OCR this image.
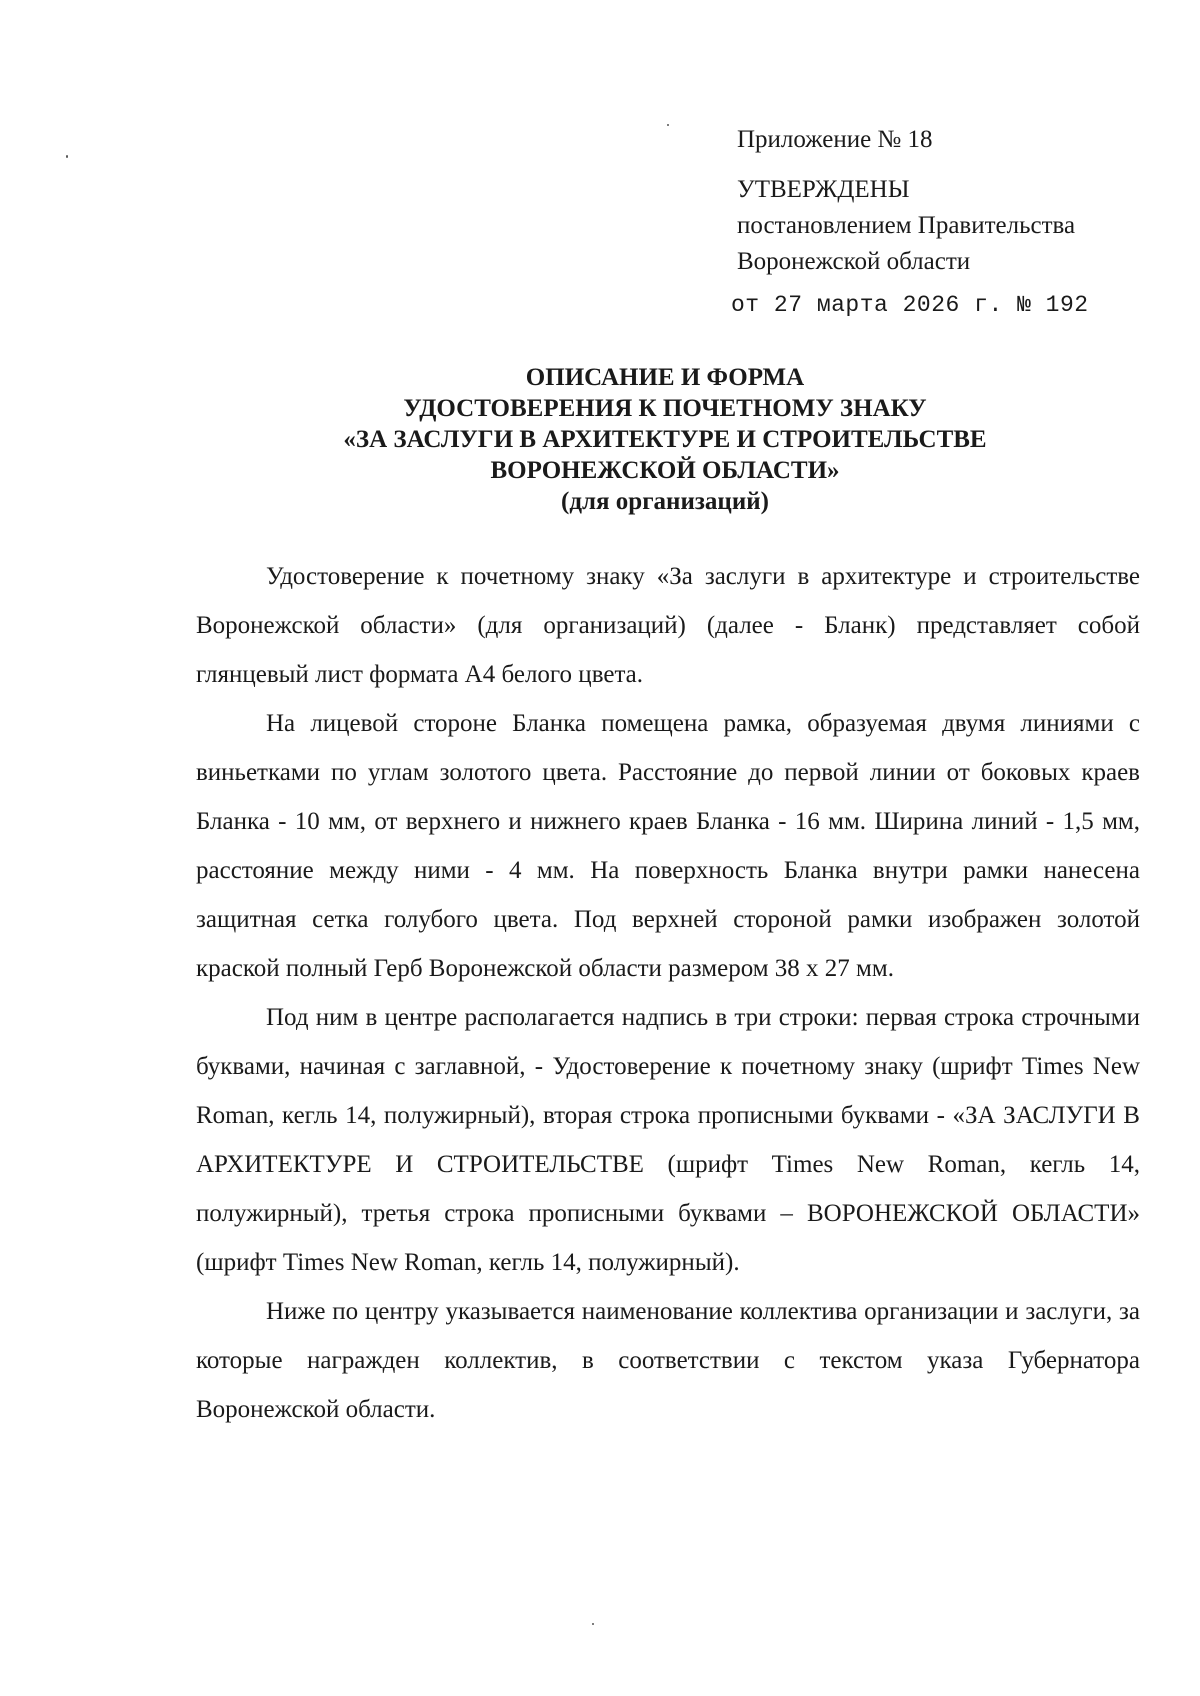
Приложение № 18
УТВЕРЖДЕНЫ
постановлением Правительства
Воронежской области
от 27 марта 2026 г. № 192
ОПИСАНИЕ И ФОРМА
УДОСТОВЕРЕНИЯ К ПОЧЕТНОМУ ЗНАКУ
«ЗА ЗАСЛУГИ В АРХИТЕКТУРЕ И СТРОИТЕЛЬСТВЕ
ВОРОНЕЖСКОЙ ОБЛАСТИ»
(для организаций)

Удостоверение к почетному знаку «За заслуги в архитектуре и строительстве Воронежской области» (для организаций) (далее - Бланк) представляет собой глянцевый лист формата А4 белого цвета.

На лицевой стороне Бланка помещена рамка, образуемая двумя линиями с виньетками по углам золотого цвета. Расстояние до первой линии от боковых краев Бланка - 10 мм, от верхнего и нижнего краев Бланка - 16 мм. Ширина линий - 1,5 мм, расстояние между ними - 4 мм. На поверхность Бланка внутри рамки нанесена защитная сетка голубого цвета. Под верхней стороной рамки изображен золотой краской полный Герб Воронежской области размером 38 х 27 мм.

Под ним в центре располагается надпись в три строки: первая строка строчными буквами, начиная с заглавной, - Удостоверение к почетному знаку (шрифт Times New Roman, кегль 14, полужирный), вторая строка прописными буквами - «ЗА ЗАСЛУГИ В АРХИТЕКТУРЕ И СТРОИТЕЛЬСТВЕ (шрифт Times New Roman, кегль 14, полужирный), третья строка прописными буквами – ВОРОНЕЖСКОЙ ОБЛАСТИ» (шрифт Times New Roman, кегль 14, полужирный).

Ниже по центру указывается наименование коллектива организации и заслуги, за которые награжден коллектив, в соответствии с текстом указа Губернатора Воронежской области.
